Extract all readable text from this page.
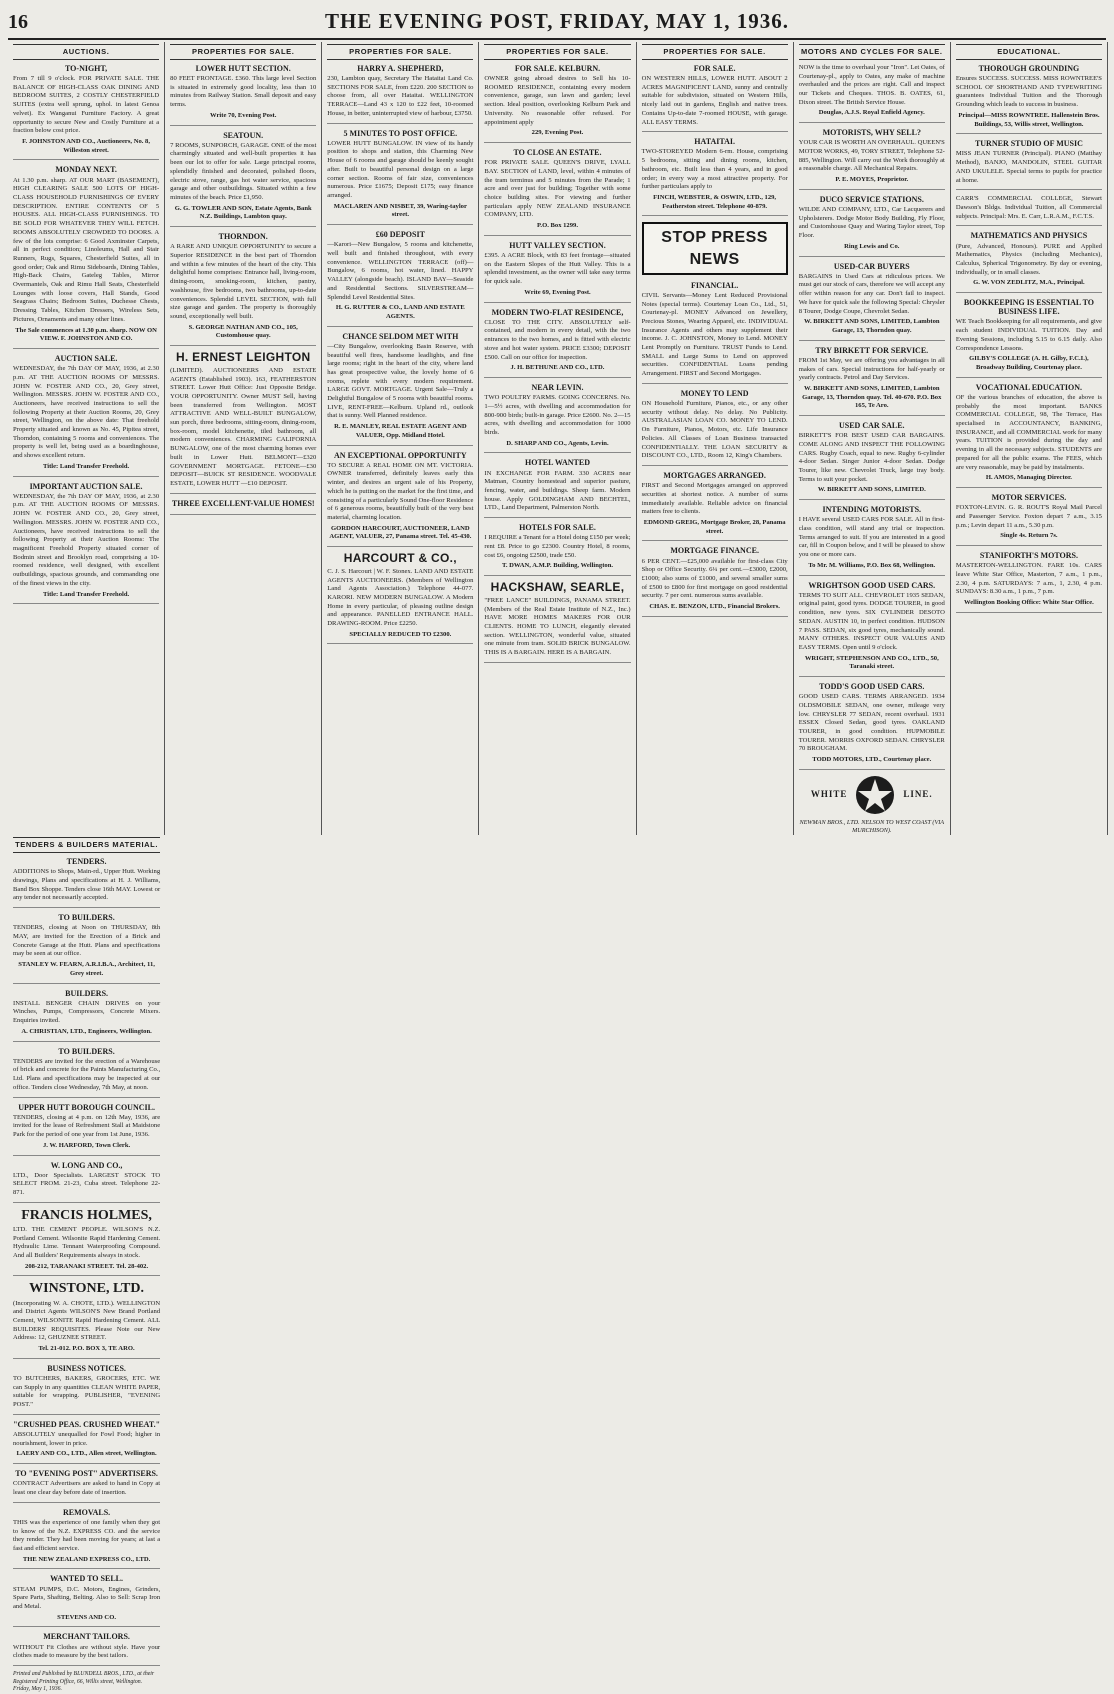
16	THE EVENING POST, FRIDAY, MAY 1, 1936.
AUCTIONS.
TO-NIGHT,
From 7 till 9 o'clock. FOR PRIVATE SALE. THE BALANCE OF HIGH-CLASS OAK DINING AND BEDROOM SUITES, 2 COSTLY CHESTERFIELD SUITES (extra well sprung, uphol. in latest Genoa velvet). Ex Wanganui Furniture Factory. A great opportunity to secure New and Costly Furniture at a fraction below cost price.
F. JOHNSTON AND CO., Auctioneers, No. 8, Willeston street.
MONDAY NEXT.
At 1.30 p.m. sharp. AT OUR MART (BASEMENT), HIGH CLEARING SALE 500 LOTS OF HIGH-CLASS HOUSEHOLD FURNISHINGS OF EVERY DESCRIPTION. ENTIRE CONTENTS OF 5 HOUSES. ALL HIGH-CLASS FURNISHINGS. TO BE SOLD FOR WHATEVER THEY WILL FETCH. ROOMS ABSOLUTELY CROWDED TO DOORS. A few of the lots comprise: 6 Good Axminster Carpets, all in perfect condition; Linoleums, Hall and Stair Runners, Rugs, Squares, Chesterfield Suites, all in good order; Oak and Rimu Sideboards, Dining Tables, High-Back Chairs, Gateleg Tables, Mirror Overmantels, Oak and Rimu Hall Seats, Chesterfield Lounges with loose covers, Hall Stands, Good Seagrass Chairs; Bedroom Suites, Duchesse Chests, Dressing Tables, Kitchen Dressers, Wireless Sets, Pictures, Ornaments and many other lines.
The Sale commences at 1.30 p.m. sharp. NOW ON VIEW. F. JOHNSTON AND CO.
AUCTION SALE.
WEDNESDAY, the 7th DAY OF MAY, 1936, at 2.30 p.m. AT THE AUCTION ROOMS OF MESSRS. JOHN W. FOSTER AND CO., 20, Grey street, Wellington. MESSRS. JOHN W. FOSTER AND CO., Auctioneers, have received instructions to sell the following Property at their Auction Rooms, 20, Grey street, Wellington, on the above date: That freehold Property situated and known as No. 45, Pipitea street, Thorndon, containing 5 rooms and conveniences. The property is well let, being used as a boardinghouse, and shows excellent return.
Title: Land Transfer Freehold.
IMPORTANT AUCTION SALE.
WEDNESDAY, the 7th DAY OF MAY, 1936, at 2.30 p.m. AT THE AUCTION ROOMS OF MESSRS. JOHN W. FOSTER AND CO., 20, Grey street, Wellington. MESSRS. JOHN W. FOSTER AND CO., Auctioneers, have received instructions to sell the following Property at their Auction Rooms: The magnificent Freehold Property situated corner of Bodmin street and Brooklyn road, comprising a 10-roomed residence, well designed, with excellent outbuildings, spacious grounds, and commanding one of the finest views in the city.
Title: Land Transfer Freehold.
PROPERTIES FOR SALE.
LOWER HUTT SECTION.
80 FEET FRONTAGE. £360. This large level Section is situated in extremely good locality, less than 10 minutes from Railway Station. Small deposit and easy terms.
Write 70, Evening Post.
SEATOUN.
7 ROOMS, SUNPORCH, GARAGE. ONE of the most charmingly situated and well-built properties it has been our lot to offer for sale. Large principal rooms, splendidly finished and decorated, polished floors, electric stove, range, gas hot water service, spacious garage and other outbuildings. Situated within a few minutes of the beach. Price £1,950.
G. G. TOWLER AND SON, Estate Agents, Bank N.Z. Buildings, Lambton quay.
THORNDON.
A RARE AND UNIQUE OPPORTUNITY to secure a Superior RESIDENCE in the best part of Thorndon and within a few minutes of the heart of the city. This delightful home comprises: Entrance hall, living-room, dining-room, smoking-room, kitchen, pantry, washhouse, five bedrooms, two bathrooms, up-to-date conveniences. Splendid LEVEL SECTION, with full size garage and garden. The property is thoroughly sound, exceptionally well built.
S. GEORGE NATHAN AND CO., 105, Customhouse quay.
H. ERNEST LEIGHTON
(LIMITED). AUCTIONEERS AND ESTATE AGENTS (Established 1903). 163, FEATHERSTON STREET. Lower Hutt Office: Just Opposite Bridge. YOUR OPPORTUNITY. Owner MUST Sell, having been transferred from Wellington. MOST ATTRACTIVE AND WELL-BUILT BUNGALOW, sun porch, three bedrooms, sitting-room, dining-room, box-room, model kitchenette, tiled bathroom, all modern conveniences. CHARMING CALIFORNIA BUNGALOW, one of the most charming homes ever built in Lower Hutt. BELMONT—£320 GOVERNMENT MORTGAGE. FETONE—£30 DEPOSIT—BUICK ST RESIDENCE. WOODVALE ESTATE, LOWER HUTT —£10 DEPOSIT.
THREE EXCELLENT-VALUE HOMES!
PROPERTIES FOR SALE.
HARRY A. SHEPHERD,
230, Lambton quay, Secretary The Hataitai Land Co. SECTIONS FOR SALE, from £220. 200 SECTION to choose from, all over Hataitai. WELLINGTON TERRACE—Land 43 x 120 to £22 feet, 10-roomed House, in better, uninterrupted view of harbour, £3750.
5 MINUTES TO POST OFFICE.
LOWER HUTT BUNGALOW. IN view of its handy position to shops and station, this Charming New House of 6 rooms and garage should be keenly sought after. Built to beautiful personal design on a large corner section. Rooms of fair size, conveniences numerous. Price £1675; Deposit £175; easy finance arranged.
MACLAREN AND NISBET, 39, Waring-taylor street.
£60 DEPOSIT
—Karori—New Bungalow, 5 rooms and kitchenette, well built and finished throughout, with every convenience. WELLINGTON TERRACE (off)—Bungalow, 6 rooms, hot water, lined. HAPPY VALLEY (alongside beach). ISLAND BAY—Seaside and Residential Sections. SILVERSTREAM—Splendid Level Residential Sites.
H. G. RUTTER & CO., LAND AND ESTATE AGENTS.
CHANCE SELDOM MET WITH
—City Bungalow, overlooking Basin Reserve, with beautiful well fires, handsome leadlights, and fine large rooms; right in the heart of the city, where land has great prospective value, the lovely home of 6 rooms, replete with every modern requirement. LARGE GOVT. MORTGAGE. Urgent Sale—Truly a Delightful Bungalow of 5 rooms with beautiful rooms. LIVE, RENT-FREE—Kelburn. Upland rd., outlook that is sunny. Well Planned residence.
R. E. MANLEY, REAL ESTATE AGENT AND VALUER, Opp. Midland Hotel.
AN EXCEPTIONAL OPPORTUNITY
TO SECURE A REAL HOME ON MT. VICTORIA. OWNER transferred, definitely leaves early this winter, and desires an urgent sale of his Property, which he is putting on the market for the first time, and consisting of a particularly Sound One-floor Residence of 6 generous rooms, beautifully built of the very best material, charming location.
GORDON HARCOURT, AUCTIONEER, LAND AGENT, VALUER, 27, Panama street. Tel. 45-430.
HARCOURT & CO.,
C. J. S. Harcourt | W. F. Stonex. LAND AND ESTATE AGENTS AUCTIONEERS. (Members of Wellington Land Agents Association.) Telephone 44-077. KARORI. NEW MODERN BUNGALOW. A Modern Home in every particular, of pleasing outline design and appearance. PANELLED ENTRANCE HALL. DRAWING-ROOM. Price £2250.
SPECIALLY REDUCED TO £2300.
PROPERTIES FOR SALE.
FOR SALE. KELBURN.
OWNER going abroad desires to Sell his 10-ROOMED RESIDENCE, containing every modern convenience, garage, sun lawn and garden; level section. Ideal position, overlooking Kelburn Park and University. No reasonable offer refused. For appointment apply
229, Evening Post.
TO CLOSE AN ESTATE.
FOR PRIVATE SALE. QUEEN'S DRIVE, LYALL BAY. SECTION of LAND, level, within 4 minutes of the tram terminus and 5 minutes from the Parade; 1 acre and over just for building; Together with some choice building sites. For viewing and further particulars apply NEW ZEALAND INSURANCE COMPANY, LTD.
P.O. Box 1299.
HUTT VALLEY SECTION.
£395. A ACRE Block, with 83 feet frontage—situated on the Eastern Slopes of the Hutt Valley. This is a splendid investment, as the owner will take easy terms for quick sale.
Write 69, Evening Post.
MODERN TWO-FLAT RESIDENCE,
CLOSE TO THE CITY. ABSOLUTELY self-contained, and modern in every detail, with the two entrances to the two homes, and is fitted with electric stove and hot water system. PRICE £3300; DEPOSIT £500. Call on our office for inspection.
J. H. BETHUNE AND CO., LTD.
NEAR LEVIN.
TWO POULTRY FARMS. GOING CONCERNS. No. 1—5½ acres, with dwelling and accommodation for 800-900 birds; built-in garage. Price £2600. No. 2—15 acres, with dwelling and accommodation for 1000 birds.
D. SHARP AND CO., Agents, Levin.
HOTEL WANTED
IN EXCHANGE FOR FARM. 330 ACRES near Matman, Country homestead and superior pasture, fencing, water, and buildings. Sheep farm. Modern house. Apply GOLDINGHAM AND BECHTEL, LTD., Land Department, Palmerston North.
HOTELS FOR SALE.
I REQUIRE a Tenant for a Hotel doing £150 per week; rent £8. Price to go £2300. Country Hotel, 8 rooms, cost £6, ongoing £2500, trade £50.
T. DWAN, A.M.P. Building, Wellington.
HACKSHAW, SEARLE,
"FREE LANCE" BUILDINGS, PANAMA STREET. (Members of the Real Estate Institute of N.Z., Inc.) HAVE MORE HOMES MAKERS FOR OUR CLIENTS. HOME TO LUNCH, elegantly elevated section. WELLINGTON, wonderful value, situated one minute from tram. SOLID BRICK BUNGALOW. THIS IS A BARGAIN. HERE IS A BARGAIN.
PROPERTIES FOR SALE.
FOR SALE.
ON WESTERN HILLS, LOWER HUTT. ABOUT 2 ACRES MAGNIFICENT LAND, sunny and centrally suitable for subdivision, situated on Western Hills, nicely laid out in gardens, English and native trees. Contains Up-to-date 7-roomed HOUSE, with garage. ALL EASY TERMS.
HATAITAI.
TWO-STOREYED Modern 6-rm. House, comprising 5 bedrooms, sitting and dining rooms, kitchen, bathroom, etc. Built less than 4 years, and in good order; in every way a most attractive property. For further particulars apply to
FINCH, WEBSTER, & OSWIN, LTD., 129, Featherston street. Telephone 40-879.
STOP PRESS NEWS
FINANCIAL.
CIVIL Servants—Money Lent Reduced Provisional Notes (special terms). Courtenay Loan Co., Ltd., 51, Courtenay-pl. MONEY Advanced on Jewellery, Precious Stones, Wearing Apparel, etc. INDIVIDUAL Insurance Agents and others may supplement their income. J. C. JOHNSTON, Money to Lend. MONEY Lent Promptly on Furniture. TRUST Funds to Lend. SMALL and Large Sums to Lend on approved securities. CONFIDENTIAL Loans pending Arrangement. FIRST and Second Mortgages.
MONEY TO LEND
ON Household Furniture, Pianos, etc., or any other security without delay. No delay. No Publicity. AUSTRALASIAN LOAN CO. MONEY TO LEND. On Furniture, Pianos, Motors, etc. Life Insurance Policies. All Classes of Loan Business transacted CONFIDENTIALLY. THE LOAN SECURITY & DISCOUNT CO., LTD., Room 12, King's Chambers.
MORTGAGES ARRANGED.
FIRST and Second Mortgages arranged on approved securities at shortest notice. A number of sums immediately available. Reliable advice on financial matters free to clients.
EDMOND GREIG, Mortgage Broker, 28, Panama street.
MORTGAGE FINANCE.
6 PER CENT.—£25,000 available for first-class City Shop or Office Security. 6¼ per cent.—£3000, £2000, £1000; also sums of £1000, and several smaller sums of £500 to £800 for first mortgage on good residential security. 7 per cent. numerous sums available.
CHAS. E. BENZON, LTD., Financial Brokers.
MOTORS AND CYCLES FOR SALE.
NOW is the time to overhaul your "Iron". Let Oates, of Courtenay-pl., apply to Oates, any make of machine overhauled and the prices are right. Call and inspect our Tickets and Cheques. THOS. B. OATES, 61, Dixon street. The British Service House.
Douglas, A.J.S. Royal Enfield Agency.
MOTORISTS, WHY SELL?
YOUR CAR IS WORTH AN OVERHAUL. QUEEN'S MOTOR WORKS, 49, TORY STREET, Telephone 52-885, Wellington. Will carry out the Work thoroughly at a reasonable charge. All Mechanical Repairs.
P. E. MOYES, Proprietor.
DUCO SERVICE STATIONS.
WILDE AND COMPANY, LTD., Car Lacquerers and Upholsterers. Dodge Motor Body Building, Fly Floor, and Customhouse Quay and Waring Taylor street, Top Floor.
Ring Lewis and Co.
USED-CAR BUYERS
BARGAINS in Used Cars at ridiculous prices. We must get our stock of cars, therefore we will accept any offer within reason for any car. Don't fail to inspect. We have for quick sale the following Special: Chrysler 8 Tourer, Dodge Coupe, Chevrolet Sedan.
W. BIRKETT AND SONS, LIMITED, Lambton Garage, 13, Thorndon quay.
TRY BIRKETT FOR SERVICE.
FROM 1st May, we are offering you advantages in all makes of cars. Special instructions for half-yearly or yearly contracts. Petrol and Day Services.
W. BIRKETT AND SONS, LIMITED, Lambton Garage, 13, Thorndon quay. Tel. 40-670. P.O. Box 165, Te Aro.
USED CAR SALE.
BIRKETT'S FOR BEST USED CAR BARGAINS. COME ALONG AND INSPECT THE FOLLOWING CARS. Rugby Coach, equal to new. Rugby 6-cylinder 4-door Sedan. Singer Junior 4-door Sedan. Dodge Tourer, like new. Chevrolet Truck, large tray body. Terms to suit your pocket.
W. BIRKETT AND SONS, LIMITED.
INTENDING MOTORISTS.
I HAVE several USED CARS FOR SALE. All in first-class condition, will stand any trial or inspection. Terms arranged to suit. If you are interested in a good car, fill in Coupon below, and I will be pleased to show you one or more cars.
To Mr. M. Williams, P.O. Box 68, Wellington.
WRIGHTSON GOOD USED CARS.
TERMS TO SUIT ALL. CHEVROLET 1935 SEDAN, original paint, good tyres. DODGE TOURER, in good condition, new tyres. SIX CYLINDER DESOTO SEDAN. AUSTIN 10, in perfect condition. HUDSON 7 PASS. SEDAN, six good tyres, mechanically sound. MANY OTHERS. INSPECT OUR VALUES AND EASY TERMS. Open until 9 o'clock.
WRIGHT, STEPHENSON AND CO., LTD., 50, Taranaki street.
TODD'S GOOD USED CARS.
GOOD USED CARS. TERMS ARRANGED. 1934 OLDSMOBILE SEDAN, one owner, mileage very low. CHRYSLER 77 SEDAN, recent overhaul. 1931 ESSEX Closed Sedan, good tyres. OAKLAND TOURER, in good condition. HUPMOBILE TOURER. MORRIS OXFORD SEDAN. CHRYSLER 70 BROUGHAM.
TODD MOTORS, LTD., Courtenay place.
WHITE	LINE.
NEWMAN BROS., LTD. NELSON TO WEST COAST (VIA MURCHISON).
EDUCATIONAL.
THOROUGH GROUNDING
Ensures SUCCESS. SUCCESS. MISS ROWNTREE'S SCHOOL OF SHORTHAND AND TYPEWRITING guarantees Individual Tuition and the Thorough Grounding which leads to success in business.
Principal—MISS ROWNTREE. Hallenstein Bros. Buildings, 53, Willis street, Wellington.
TURNER STUDIO OF MUSIC
MISS JEAN TURNER (Principal). PIANO (Matthay Method), BANJO, MANDOLIN, STEEL GUITAR AND UKULELE. Special terms to pupils for practice at home.
CARR'S COMMERCIAL COLLEGE, Stewart Dawson's Bldgs. Individual Tuition, all Commercial subjects. Principal: Mrs. E. Carr, L.R.A.M., F.C.T.S.
MATHEMATICS AND PHYSICS
(Pure, Advanced, Honours). PURE and Applied Mathematics, Physics (including Mechanics), Calculus, Spherical Trigonometry. By day or evening, individually, or in small classes.
G. W. VON ZEDLITZ, M.A., Principal.
BOOKKEEPING IS ESSENTIAL TO BUSINESS LIFE.
WE Teach Bookkeeping for all requirements, and give each student INDIVIDUAL TUITION. Day and Evening Sessions, including 5.15 to 6.15 daily. Also Correspondence Lessons.
GILBY'S COLLEGE (A. H. Gilby, F.C.I.), Broadway Building, Courtenay place.
VOCATIONAL EDUCATION.
OF the various branches of education, the above is probably the most important. BANKS COMMERCIAL COLLEGE, 98, The Terrace, Has specialised in ACCOUNTANCY, BANKING, INSURANCE, and all COMMERCIAL work for many years. TUITION is provided during the day and evening in all the necessary subjects. STUDENTS are prepared for all the public exams. The FEES, which are very reasonable, may be paid by instalments.
H. AMOS, Managing Director.
MOTOR SERVICES.
FOXTON-LEVIN. G. R. ROUT'S Royal Mail Parcel and Passenger Service. Foxton depart 7 a.m., 3.15 p.m.; Levin depart 11 a.m., 5.30 p.m.
Single 4s. Return 7s.
STANIFORTH'S MOTORS.
MASTERTON-WELLINGTON. FARE 10s. CARS leave White Star Office, Masterton, 7 a.m., 1 p.m., 2.30, 4 p.m. SATURDAYS: 7 a.m., 1, 2.30, 4 p.m. SUNDAYS: 8.30 a.m., 1 p.m., 7 p.m.
Wellington Booking Office: White Star Office.
TENDERS & BUILDERS MATERIAL.
TENDERS.
ADDITIONS to Shops, Main-rd., Upper Hutt. Working drawings, Plans and specifications at H. J. Williams, Band Box Shoppe. Tenders close 16th MAY. Lowest or any tender not necessarily accepted.
TO BUILDERS.
TENDERS, closing at Noon on THURSDAY, 8th MAY, are invited for the Erection of a Brick and Concrete Garage at the Hutt. Plans and specifications may be seen at our office.
STANLEY W. FEARN, A.R.I.B.A., Architect, 11, Grey street.
BUILDERS.
INSTALL BENGER CHAIN DRIVES on your Winches, Pumps, Compressors, Concrete Mixers. Enquiries invited.
A. CHRISTIAN, LTD., Engineers, Wellington.
TO BUILDERS.
TENDERS are invited for the erection of a Warehouse of brick and concrete for the Paints Manufacturing Co., Ltd. Plans and specifications may be inspected at our office. Tenders close Wednesday, 7th May, at noon.
UPPER HUTT BOROUGH COUNCIL.
TENDERS, closing at 4 p.m. on 12th May, 1936, are invited for the lease of Refreshment Stall at Maidstone Park for the period of one year from 1st June, 1936.
J. W. HARFORD, Town Clerk.
W. LONG AND CO.,
LTD., Door Specialists. LARGEST STOCK TO SELECT FROM. 21-23, Cuba street. Telephone 22-871.
FRANCIS HOLMES,
LTD. THE CEMENT PEOPLE. WILSON'S N.Z. Portland Cement. Wilsonite Rapid Hardening Cement. Hydraulic Lime. Tennant Waterproofing Compound. And all Builders' Requirements always in stock.
208-212, TARANAKI STREET. Tel. 28-402.
WINSTONE, LTD.
(Incorporating W. A. CHOTE, LTD.). WELLINGTON and District Agents WILSON'S New Brand Portland Cement, WILSONITE Rapid Hardening Cement. ALL BUILDERS' REQUISITES. Please Note our New Address: 12, GHUZNEE STREET.
Tel. 21-012. P.O. BOX 3, TE ARO.
BUSINESS NOTICES.
TO BUTCHERS, BAKERS, GROCERS, ETC. WE can Supply in any quantities CLEAN WHITE PAPER, suitable for wrapping. PUBLISHER, "EVENING POST."
"CRUSHED PEAS. CRUSHED WHEAT."
ABSOLUTELY unequalled for Fowl Food; higher in nourishment, lower in price.
LAERY AND CO., LTD., Allen street, Wellington.
TO "EVENING POST" ADVERTISERS.
CONTRACT Advertisers are asked to hand in Copy at least one clear day before date of insertion.
REMOVALS.
THIS was the experience of one family when they got to know of the N.Z. EXPRESS CO. and the service they render. They had been moving for years; at last a fast and efficient service.
THE NEW ZEALAND EXPRESS CO., LTD.
WANTED TO SELL.
STEAM PUMPS, D.C. Motors, Engines, Grinders, Spare Parts, Shafting, Belting. Also to Sell: Scrap Iron and Metal.
STEVENS AND CO.
MERCHANT TAILORS.
WITHOUT Fit Clothes are without style. Have your clothes made to measure by the best tailors.
Printed and Published by BLUNDELL BROS., LTD., at their Registered Printing Office, 66, Willis street, Wellington. Friday, May 1, 1936.
